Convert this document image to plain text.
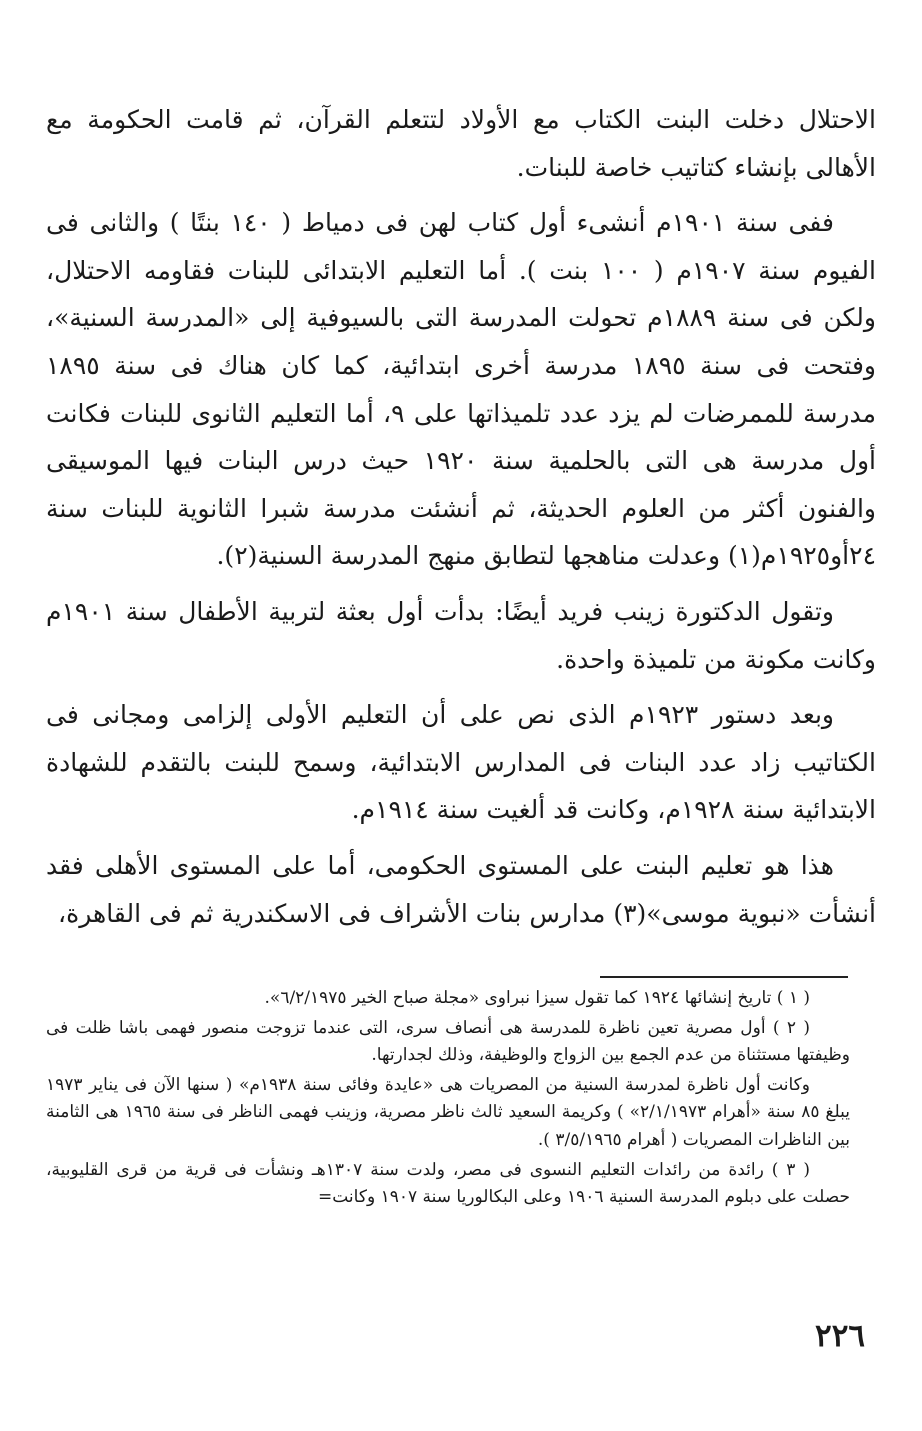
الاحتلال دخلت البنت الكتاب مع الأولاد لتتعلم القرآن، ثم قامت الحكومة مع الأهالى بإنشاء كتاتيب خاصة للبنات.

ففى سنة ١٩٠١م أنشىء أول كتاب لهن فى دمياط ( ١٤٠ بنتًا ) والثانى فى الفيوم سنة ١٩٠٧م ( ١٠٠ بنت ). أما التعليم الابتدائى للبنات فقاومه الاحتلال، ولكن فى سنة ١٨٨٩م تحولت المدرسة التى بالسيوفية إلى «المدرسة السنية»، وفتحت فى سنة ١٨٩٥ مدرسة أخرى ابتدائية، كما كان هناك فى سنة ١٨٩٥ مدرسة للممرضات لم يزد عدد تلميذاتها على ٩، أما التعليم الثانوى للبنات فكانت أول مدرسة هى التى بالحلمية سنة ١٩٢٠ حيث درس البنات فيها الموسيقى والفنون أكثر من العلوم الحديثة، ثم أنشئت مدرسة شبرا الثانوية للبنات سنة ٢٤أو١٩٢٥م(١) وعدلت مناهجها لتطابق منهج المدرسة السنية(٢).

وتقول الدكتورة زينب فريد أيضًا: بدأت أول بعثة لتربية الأطفال سنة ١٩٠١م وكانت مكونة من تلميذة واحدة.

وبعد دستور ١٩٢٣م الذى نص على أن التعليم الأولى إلزامى ومجانى فى الكتاتيب زاد عدد البنات فى المدارس الابتدائية، وسمح للبنت بالتقدم للشهادة الابتدائية سنة ١٩٢٨م، وكانت قد ألغيت سنة ١٩١٤م.

هذا هو تعليم البنت على المستوى الحكومى، أما على المستوى الأهلى فقد أنشأت «نبوية موسى»(٣) مدارس بنات الأشراف فى الاسكندرية ثم فى القاهرة،

( ١ ) تاريخ إنشائها ١٩٢٤ كما تقول سيزا نبراوى «مجلة صباح الخير ٦/٢/١٩٧٥».

( ٢ ) أول مصرية تعين ناظرة للمدرسة هى أنصاف سرى، التى عندما تزوجت منصور فهمى باشا ظلت فى وظيفتها مستثناة من عدم الجمع بين الزواج والوظيفة، وذلك لجدارتها.

وكانت أول ناظرة لمدرسة السنية من المصريات هى «عايدة وفائى سنة ١٩٣٨م» ( سنها الآن فى يناير ١٩٧٣ يبلغ ٨٥ سنة «أهرام ٢/١/١٩٧٣» ) وكريمة السعيد ثالث ناظر مصرية، وزينب فهمى الناظر فى سنة ١٩٦٥ هى الثامنة بين الناظرات المصريات ( أهرام ٣/٥/١٩٦٥ ).

( ٣ ) رائدة من رائدات التعليم النسوى فى مصر، ولدت سنة ١٣٠٧هـ ونشأت فى قرية من قرى القليوبية، حصلت على دبلوم المدرسة السنية ١٩٠٦ وعلى البكالوريا سنة ١٩٠٧ وكانت=

٢٢٦
